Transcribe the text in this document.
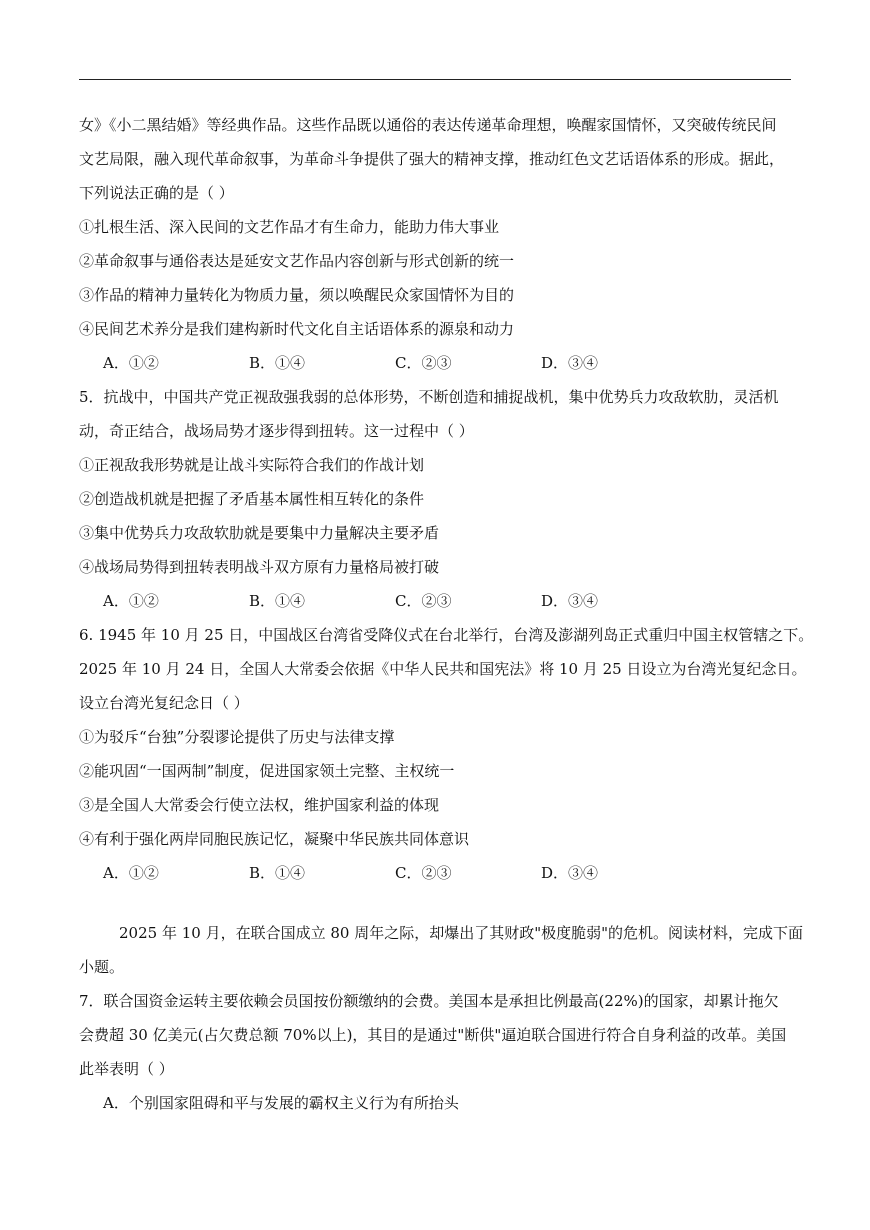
女》《小二黑结婚》等经典作品。这些作品既以通俗的表达传递革命理想，唤醒家国情怀，又突破传统民间
文艺局限，融入现代革命叙事，为革命斗争提供了强大的精神支撑，推动红色文艺话语体系的形成。据此，
下列说法正确的是（ ）
①扎根生活、深入民间的文艺作品才有生命力，能助力伟大事业
②革命叙事与通俗表达是延安文艺作品内容创新与形式创新的统一
③作品的精神力量转化为物质力量，须以唤醒民众家国情怀为目的
④民间艺术养分是我们建构新时代文化自主话语体系的源泉和动力
A．①②	B．①④	C．②③	D．③④
5．抗战中，中国共产党正视敌强我弱的总体形势，不断创造和捕捉战机，集中优势兵力攻敌软肋，灵活机
动，奇正结合，战场局势才逐步得到扭转。这一过程中（ ）
①正视敌我形势就是让战斗实际符合我们的作战计划
②创造战机就是把握了矛盾基本属性相互转化的条件
③集中优势兵力攻敌软肋就是要集中力量解决主要矛盾
④战场局势得到扭转表明战斗双方原有力量格局被打破
A．①②	B．①④	C．②③	D．③④
6. 1945 年 10 月 25 日，中国战区台湾省受降仪式在台北举行，台湾及澎湖列岛正式重归中国主权管辖之下。
2025 年 10 月 24 日，全国人大常委会依据《中华人民共和国宪法》将 10 月 25 日设立为台湾光复纪念日。
设立台湾光复纪念日（ ）
①为驳斥“台独”分裂谬论提供了历史与法律支撑
②能巩固“一国两制”制度，促进国家领土完整、主权统一
③是全国人大常委会行使立法权，维护国家利益的体现
④有利于强化两岸同胞民族记忆，凝聚中华民族共同体意识
A．①②	B．①④	C．②③	D．③④
2025 年 10 月，在联合国成立 80 周年之际，却爆出了其财政"极度脆弱"的危机。阅读材料，完成下面
小题。
7．联合国资金运转主要依赖会员国按份额缴纳的会费。美国本是承担比例最高(22%)的国家，却累计拖欠
会费超 30 亿美元(占欠费总额 70%以上)，其目的是通过"断供"逼迫联合国进行符合自身利益的改革。美国
此举表明（ ）
A．个别国家阻碍和平与发展的霸权主义行为有所抬头
